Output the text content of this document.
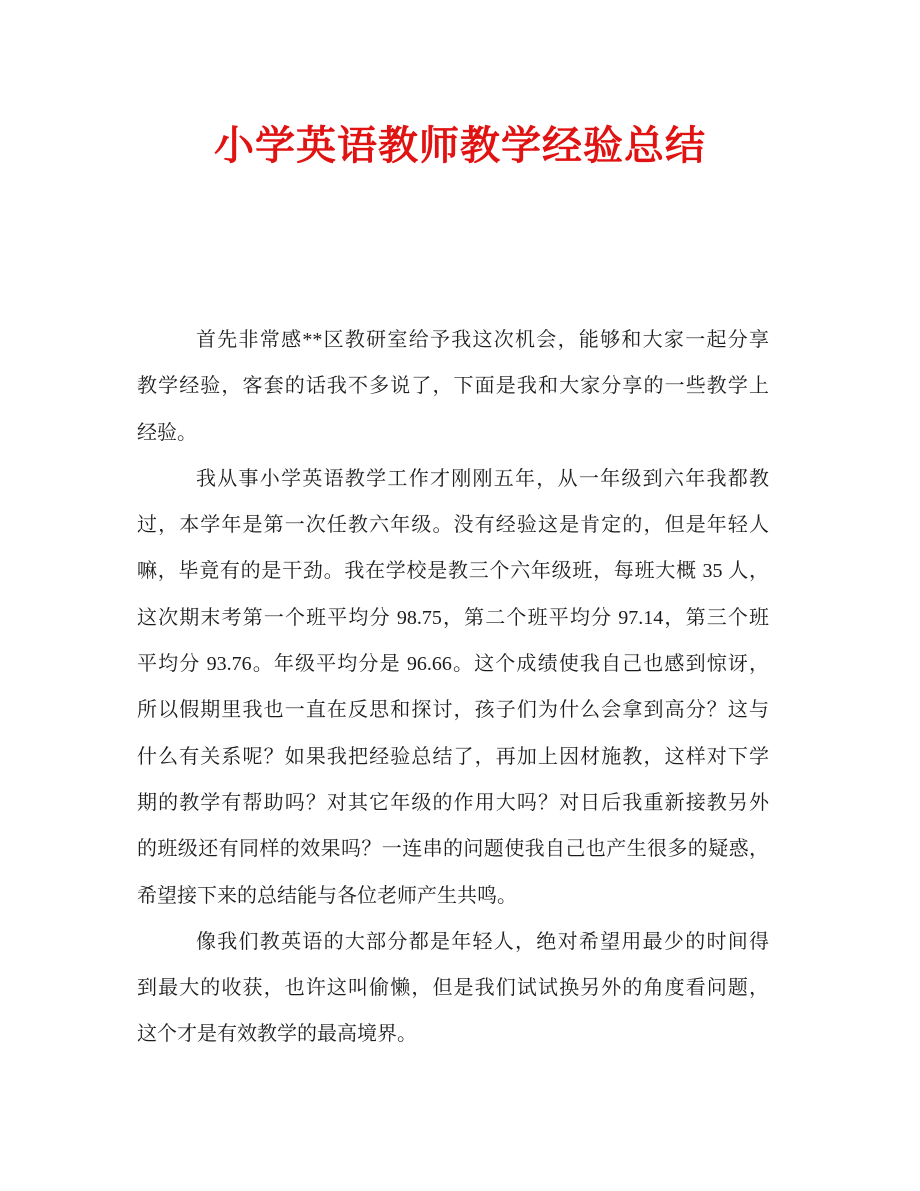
小学英语教师教学经验总结
首先非常感**区教研室给予我这次机会，能够和大家一起分享
教学经验，客套的话我不多说了，下面是我和大家分享的一些教学上
经验。
我从事小学英语教学工作才刚刚五年，从一年级到六年我都教
过，本学年是第一次任教六年级。没有经验这是肯定的，但是年轻人
嘛，毕竟有的是干劲。我在学校是教三个六年级班，每班大概 35 人，
这次期末考第一个班平均分 98.75，第二个班平均分 97.14，第三个班
平均分 93.76。年级平均分是 96.66。这个成绩使我自己也感到惊讶，
所以假期里我也一直在反思和探讨，孩子们为什么会拿到高分？这与
什么有关系呢？如果我把经验总结了，再加上因材施教，这样对下学
期的教学有帮助吗？对其它年级的作用大吗？对日后我重新接教另外
的班级还有同样的效果吗？一连串的问题使我自己也产生很多的疑惑，
希望接下来的总结能与各位老师产生共鸣。
像我们教英语的大部分都是年轻人，绝对希望用最少的时间得
到最大的收获，也许这叫偷懒，但是我们试试换另外的角度看问题，
这个才是有效教学的最高境界。
